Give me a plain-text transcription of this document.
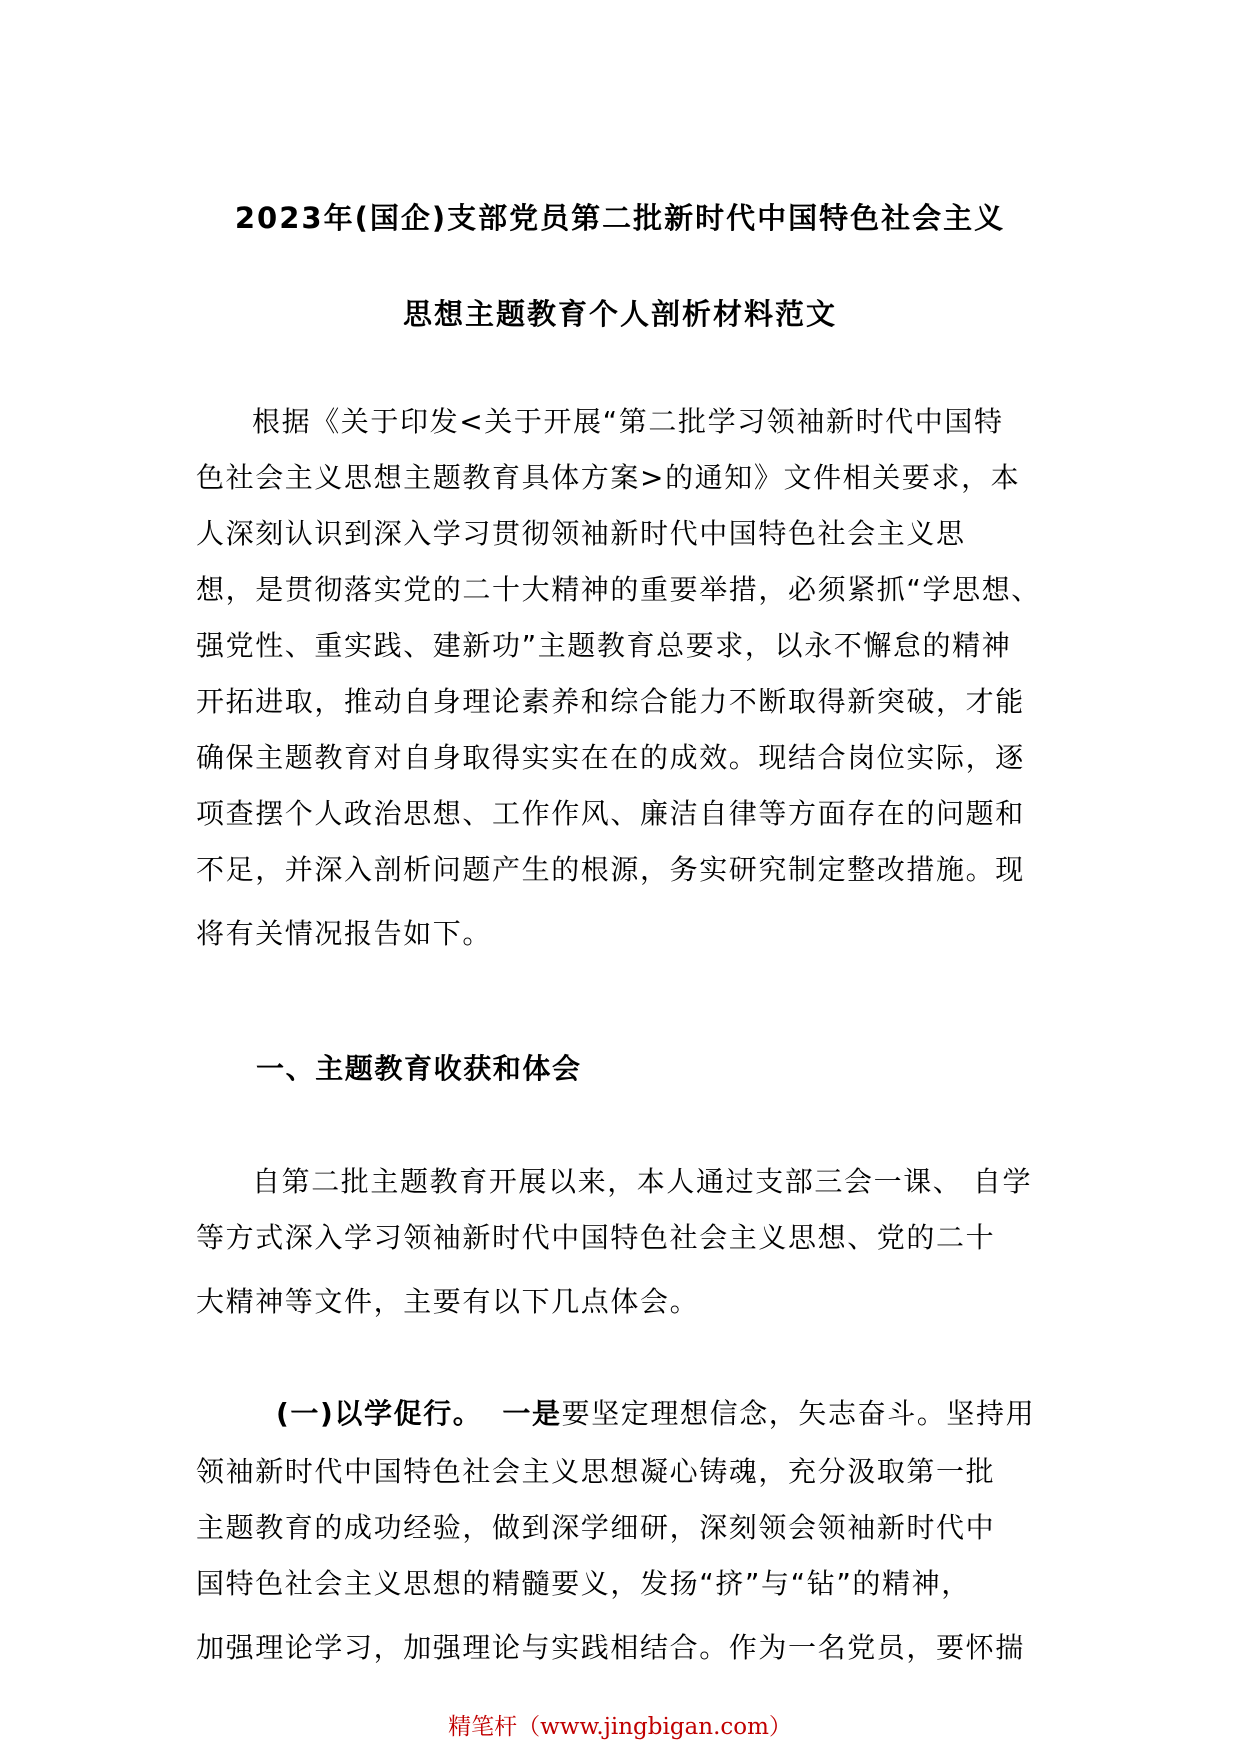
2023年(国企)支部党员第二批新时代中国特色社会主义
思想主题教育个人剖析材料范文
根据《关于印发<关于开展“第二批学习领袖新时代中国特
色社会主义思想主题教育具体方案>的通知》文件相关要求，本
人深刻认识到深入学习贯彻领袖新时代中国特色社会主义思
想，是贯彻落实党的二十大精神的重要举措，必须紧抓“学思想、
强党性、重实践、建新功”主题教育总要求，以永不懈怠的精神
开拓进取，推动自身理论素养和综合能力不断取得新突破，才能
确保主题教育对自身取得实实在在的成效。现结合岗位实际，逐
项查摆个人政治思想、工作作风、廉洁自律等方面存在的问题和
不足，并深入剖析问题产生的根源，务实研究制定整改措施。现
将有关情况报告如下。
一、主题教育收获和体会
自第二批主题教育开展以来，本人通过支部三会一课、 自学
等方式深入学习领袖新时代中国特色社会主义思想、党的二十
大精神等文件，主要有以下几点体会。
(一)以学促行。 一是要坚定理想信念，矢志奋斗。坚持用
领袖新时代中国特色社会主义思想凝心铸魂，充分汲取第一批
主题教育的成功经验，做到深学细研，深刻领会领袖新时代中
国特色社会主义思想的精髓要义，发扬“挤”与“钻”的精神，
加强理论学习，加强理论与实践相结合。作为一名党员，要怀揣
精笔杆（www.jingbigan.com）
